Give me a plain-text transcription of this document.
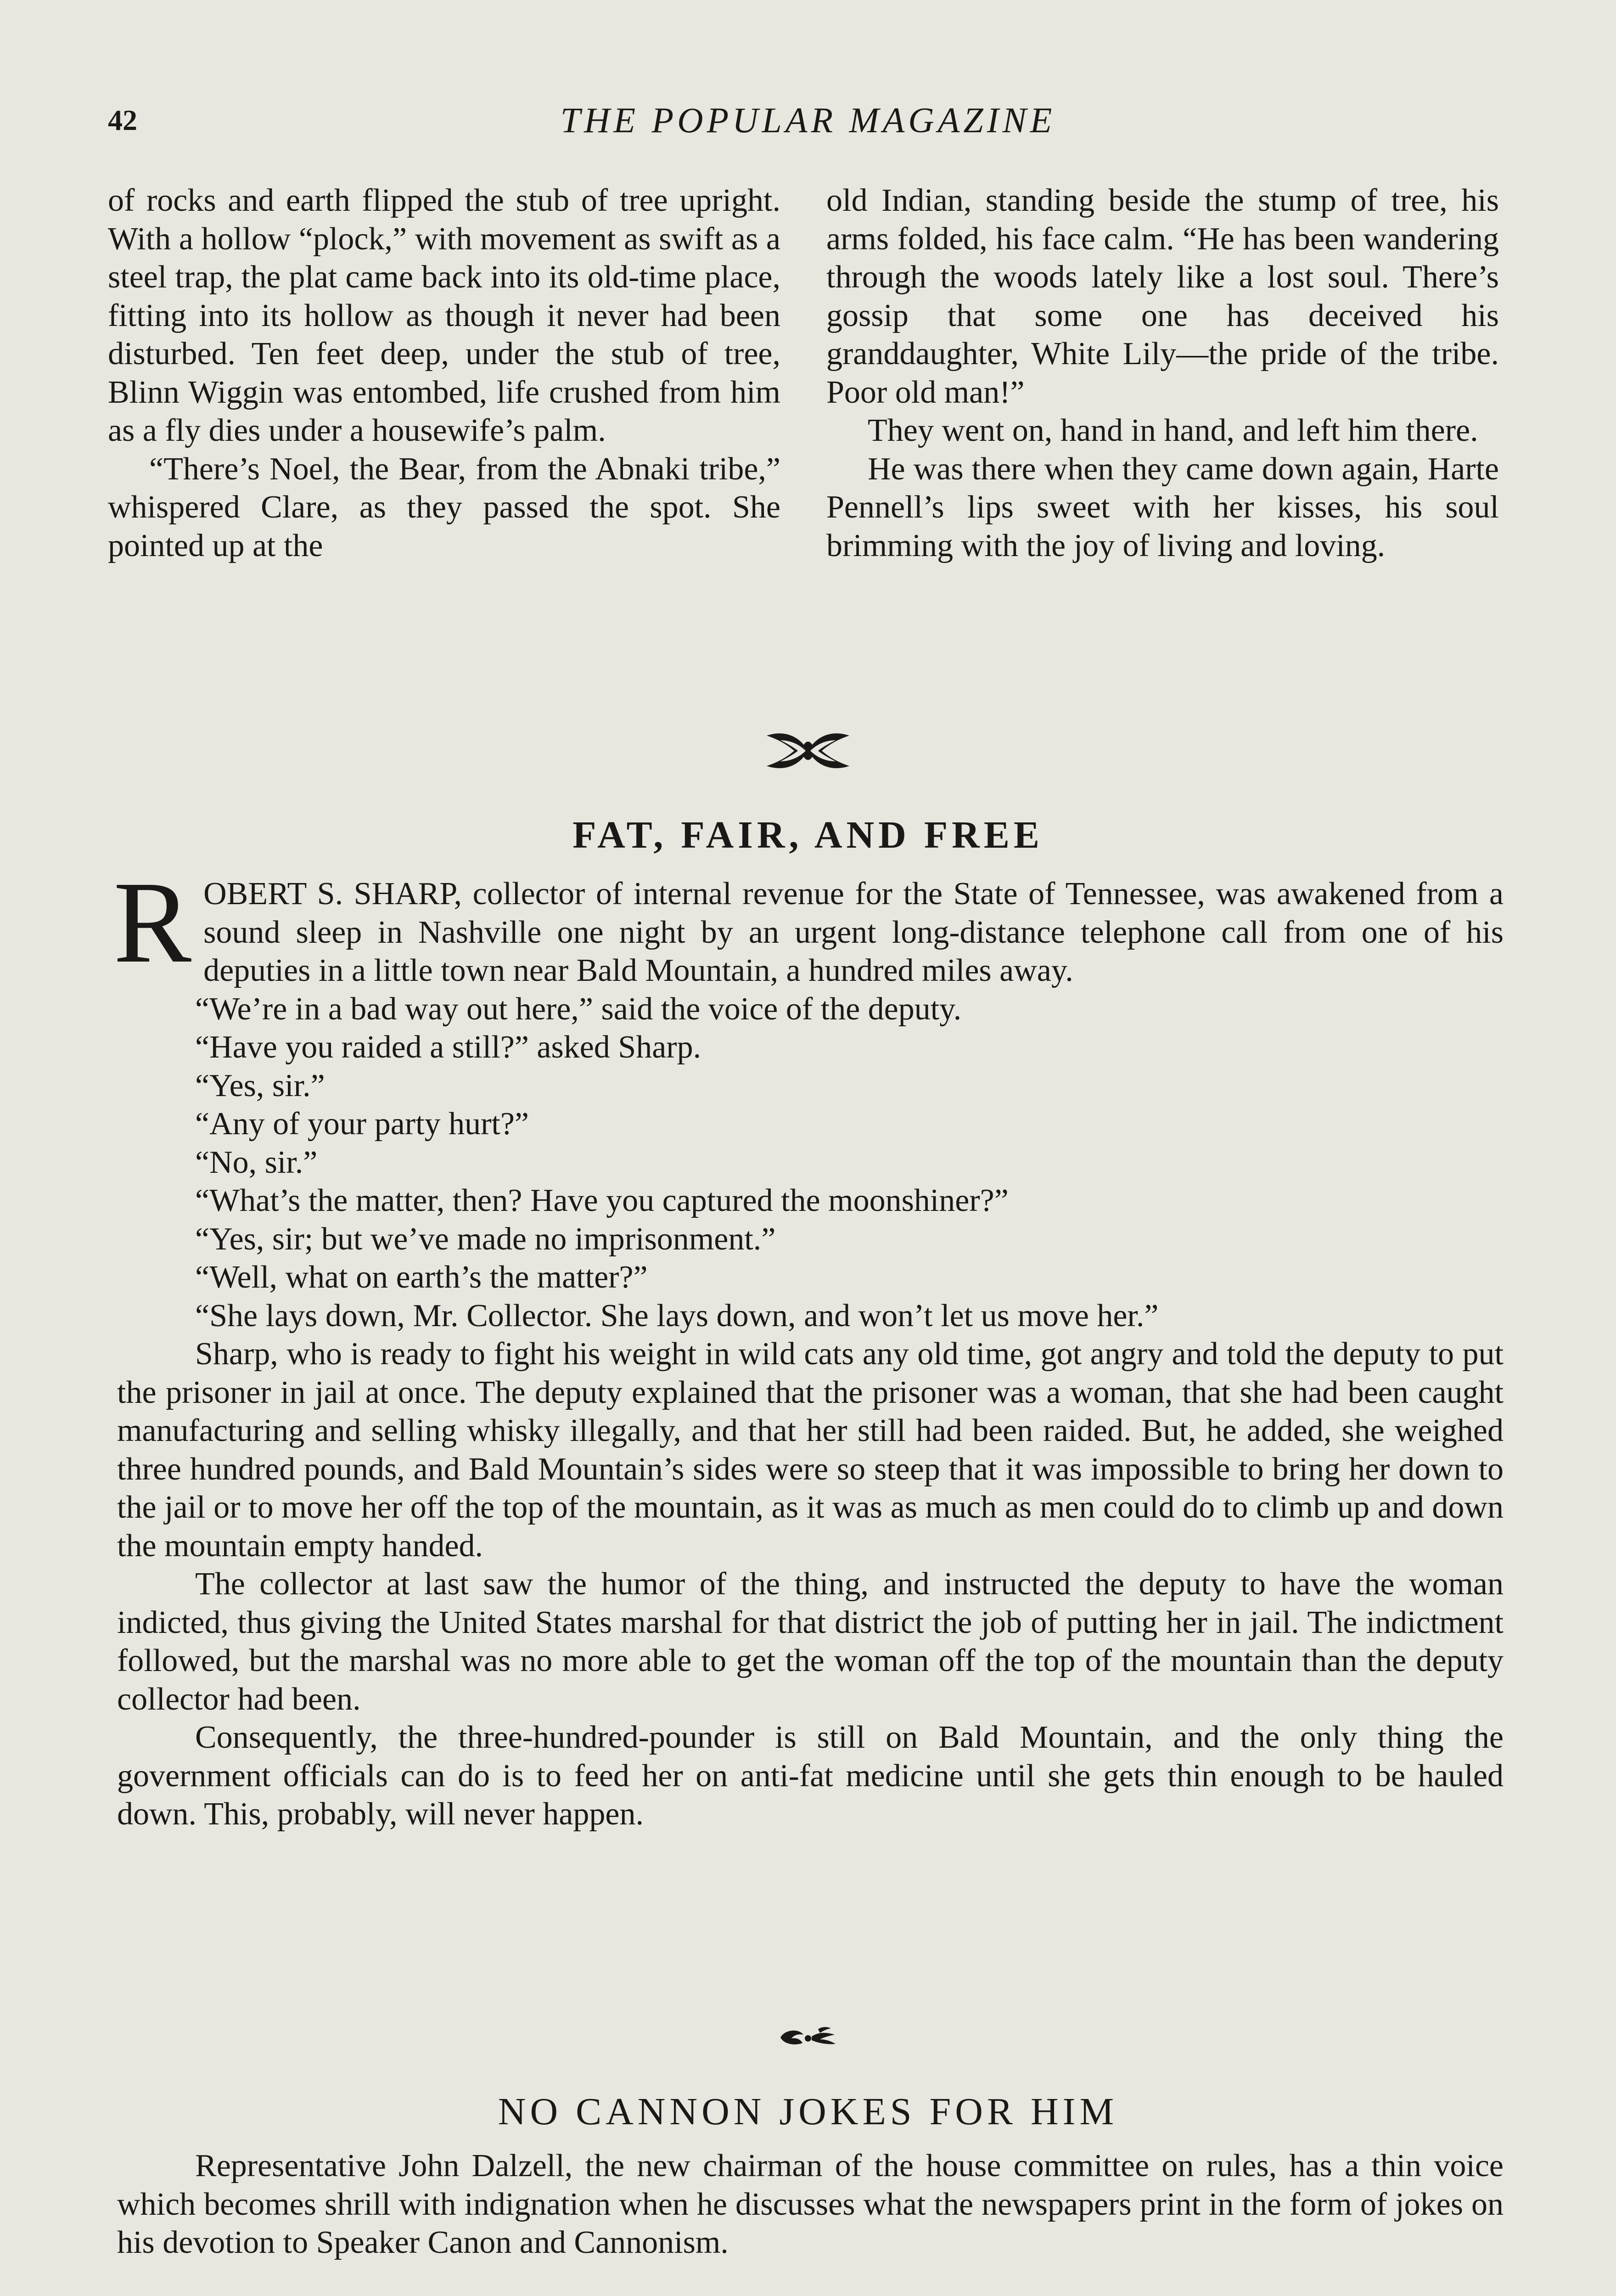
42	THE POPULAR MAGAZINE

of rocks and earth flipped the stub of tree upright. With a hollow “plock,” with movement as swift as a steel trap, the plat came back into its old-time place, fitting into its hollow as though it never had been disturbed. Ten feet deep, under the stub of tree, Blinn Wiggin was entombed, life crushed from him as a fly dies under a housewife’s palm.

“There’s Noel, the Bear, from the Abnaki tribe,” whispered Clare, as they passed the spot. She pointed up at the

old Indian, standing beside the stump of tree, his arms folded, his face calm. “He has been wandering through the woods lately like a lost soul. There’s gossip that some one has deceived his granddaughter, White Lily—the pride of the tribe. Poor old man!”

They went on, hand in hand, and left him there.

He was there when they came down again, Harte Pennell’s lips sweet with her kisses, his soul brimming with the joy of living and loving.

FAT, FAIR, AND FREE

ROBERT S. SHARP, collector of internal revenue for the State of Tennessee, was awakened from a sound sleep in Nashville one night by an urgent long-distance telephone call from one of his deputies in a little town near Bald Mountain, a hundred miles away.

“We’re in a bad way out here,” said the voice of the deputy.

“Have you raided a still?” asked Sharp.

“Yes, sir.”

“Any of your party hurt?”

“No, sir.”

“What’s the matter, then? Have you captured the moonshiner?”

“Yes, sir; but we’ve made no imprisonment.”

“Well, what on earth’s the matter?”

“She lays down, Mr. Collector. She lays down, and won’t let us move her.”

Sharp, who is ready to fight his weight in wild cats any old time, got angry and told the deputy to put the prisoner in jail at once. The deputy explained that the prisoner was a woman, that she had been caught manufacturing and selling whisky illegally, and that her still had been raided. But, he added, she weighed three hundred pounds, and Bald Mountain’s sides were so steep that it was impossible to bring her down to the jail or to move her off the top of the mountain, as it was as much as men could do to climb up and down the mountain empty handed.

The collector at last saw the humor of the thing, and instructed the deputy to have the woman indicted, thus giving the United States marshal for that district the job of putting her in jail. The indictment followed, but the marshal was no more able to get the woman off the top of the mountain than the deputy collector had been.

Consequently, the three-hundred-pounder is still on Bald Mountain, and the only thing the government officials can do is to feed her on anti-fat medicine until she gets thin enough to be hauled down. This, probably, will never happen.

NO CANNON JOKES FOR HIM

Representative John Dalzell, the new chairman of the house committee on rules, has a thin voice which becomes shrill with indignation when he discusses what the newspapers print in the form of jokes on his devotion to Speaker Canon and Cannonism.
